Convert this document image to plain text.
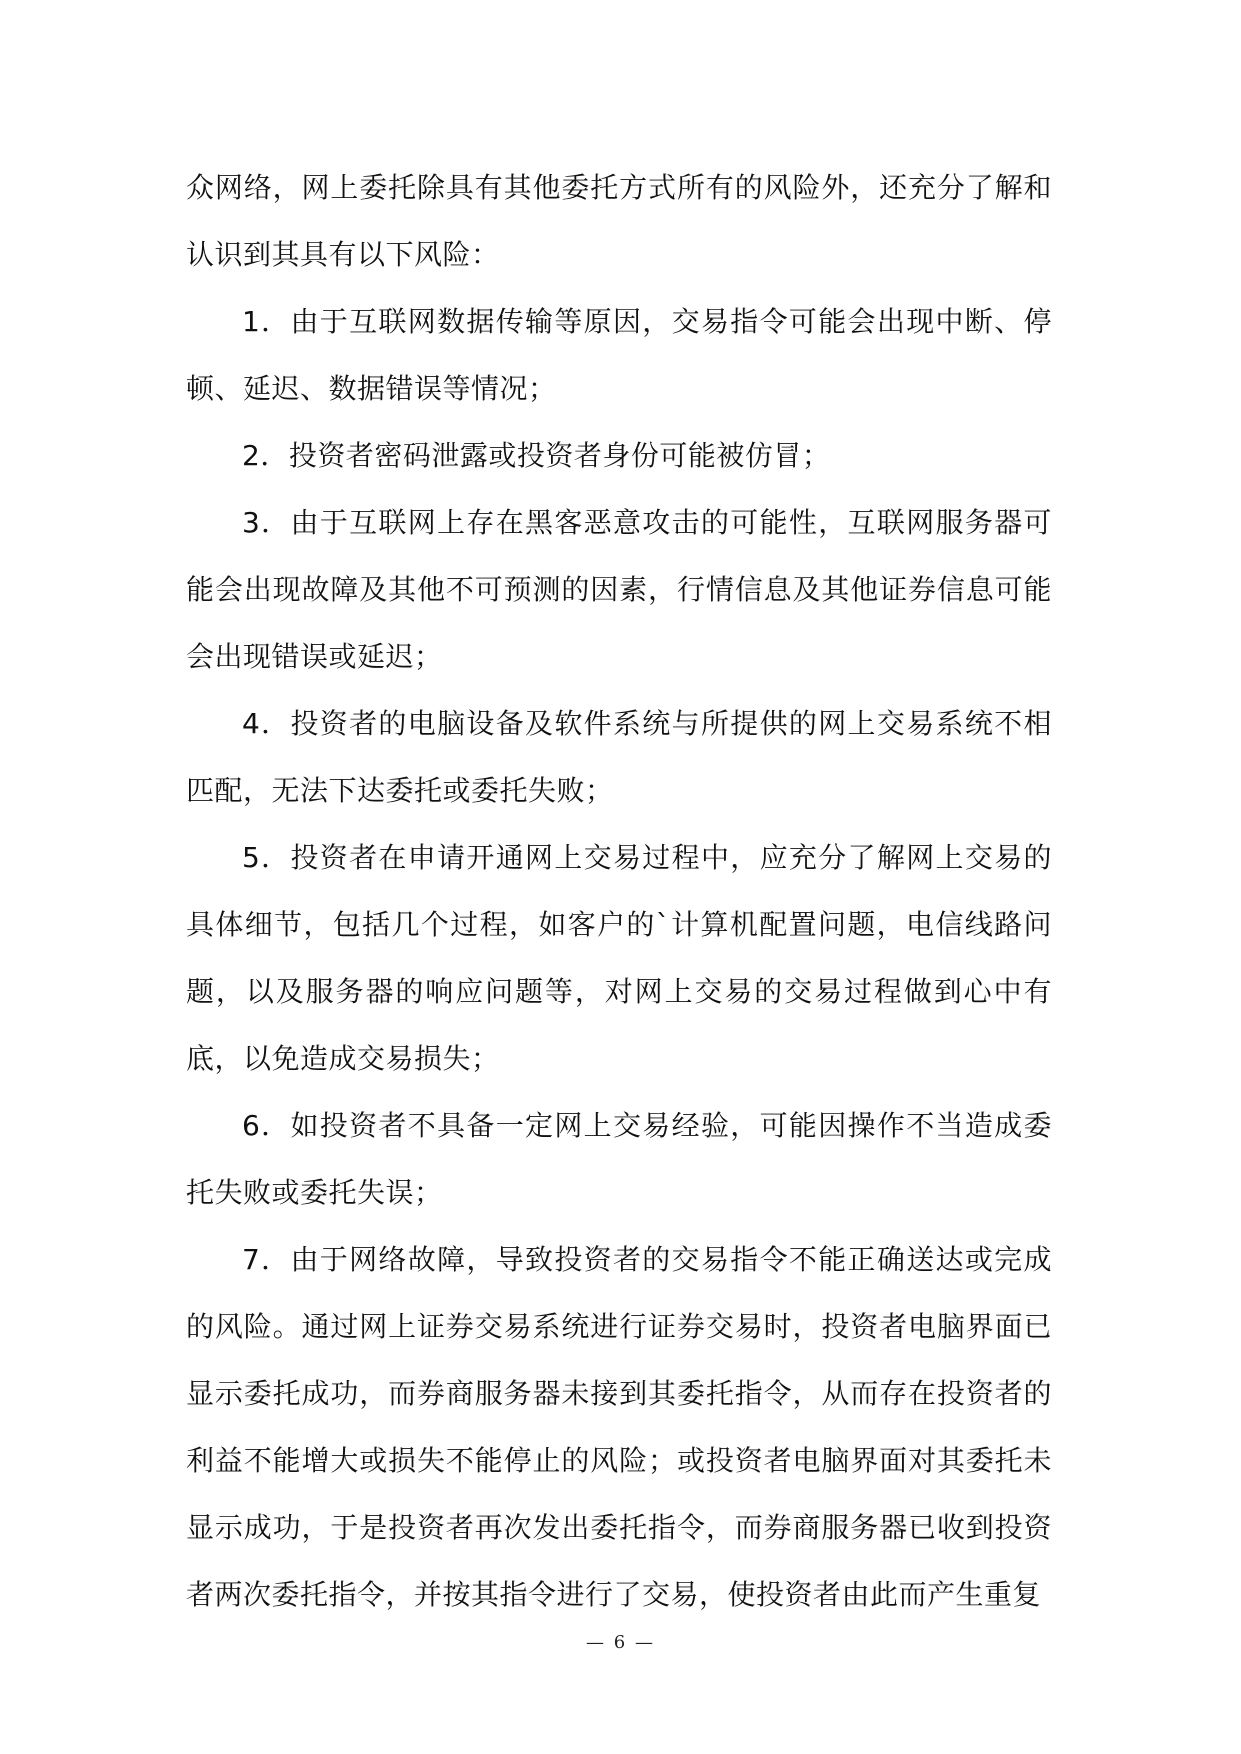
众网络，网上委托除具有其他委托方式所有的风险外，还充分了解和认识到其具有以下风险：

1．由于互联网数据传输等原因，交易指令可能会出现中断、停顿、延迟、数据错误等情况；

2．投资者密码泄露或投资者身份可能被仿冒；

3．由于互联网上存在黑客恶意攻击的可能性，互联网服务器可能会出现故障及其他不可预测的因素，行情信息及其他证券信息可能会出现错误或延迟；

4．投资者的电脑设备及软件系统与所提供的网上交易系统不相匹配，无法下达委托或委托失败；

5．投资者在申请开通网上交易过程中，应充分了解网上交易的具体细节，包括几个过程，如客户的`计算机配置问题，电信线路问题，以及服务器的响应问题等，对网上交易的交易过程做到心中有底，以免造成交易损失；

6．如投资者不具备一定网上交易经验，可能因操作不当造成委托失败或委托失误；

7．由于网络故障，导致投资者的交易指令不能正确送达或完成的风险。通过网上证券交易系统进行证券交易时，投资者电脑界面已显示委托成功，而券商服务器未接到其委托指令，从而存在投资者的利益不能增大或损失不能停止的风险；或投资者电脑界面对其委托未显示成功，于是投资者再次发出委托指令，而券商服务器已收到投资者两次委托指令，并按其指令进行了交易，使投资者由此而产生重复

— 6 —
